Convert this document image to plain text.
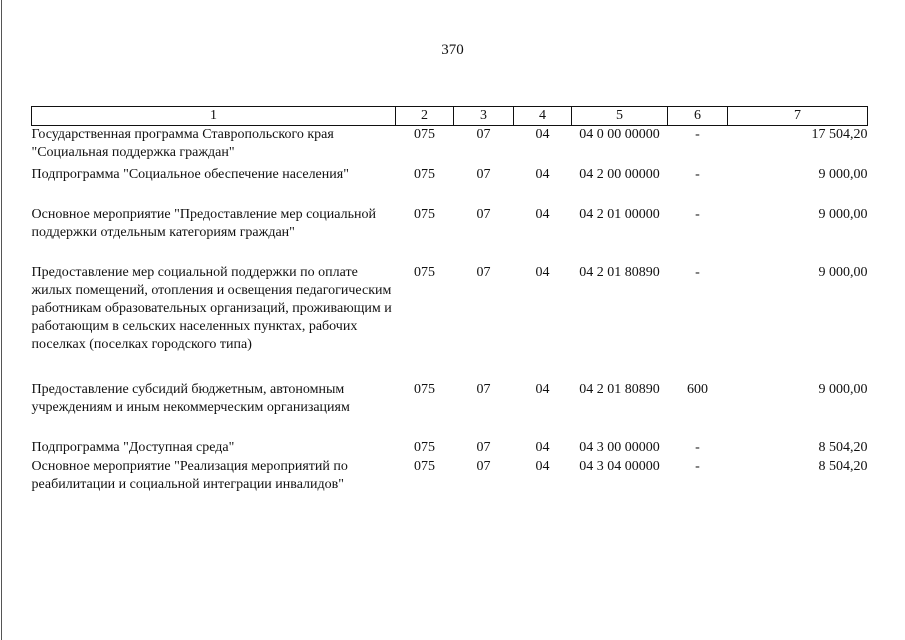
370
1	2	3	4	5	6	7
Государственная программа Ставропольского края "Социальная поддержка граждан"	075	07	04	04 0 00 00000	-	17 504,20
Подпрограмма "Социальное обеспечение населения"	075	07	04	04 2 00 00000	-	9 000,00
Основное мероприятие "Предоставление мер социальной поддержки отдельным категориям граждан"	075	07	04	04 2 01 00000	-	9 000,00
Предоставление мер социальной поддержки по оплате жилых помещений, отопления и освещения педагогическим работникам образовательных организаций, проживающим и работающим в сельских населенных пунктах, рабочих поселках (поселках городского типа)	075	07	04	04 2 01 80890	-	9 000,00
Предоставление субсидий бюджетным, автономным учреждениям и иным некоммерческим организациям	075	07	04	04 2 01 80890	600	9 000,00
Подпрограмма "Доступная среда"	075	07	04	04 3 00 00000	-	8 504,20
Основное мероприятие "Реализация мероприятий по реабилитации и социальной интеграции инвалидов"	075	07	04	04 3 04 00000	-	8 504,20
